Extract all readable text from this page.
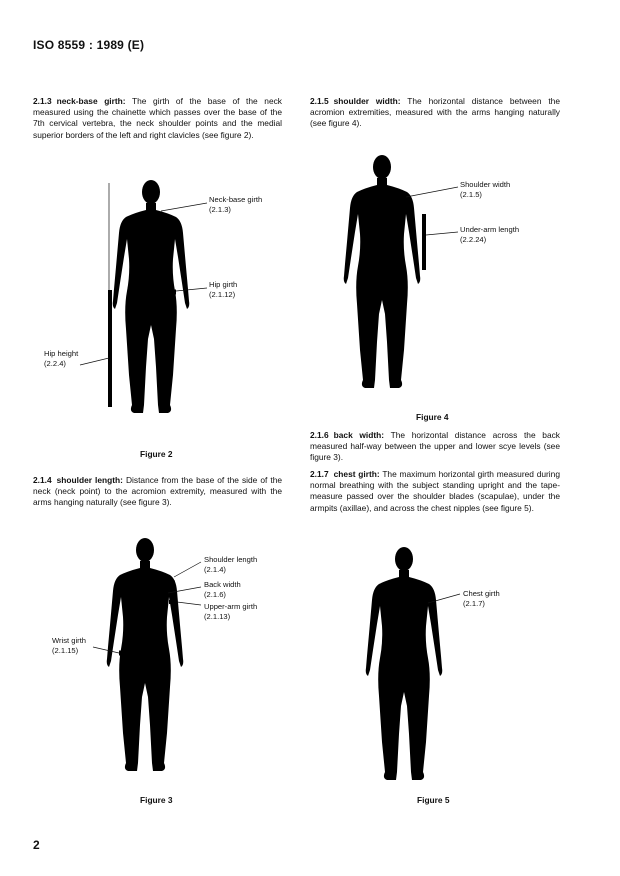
ISO 8559 : 1989 (E)
2.1.3 neck-base girth: The girth of the base of the neck measured using the chainette which passes over the base of the 7th cervical vertebra, the neck shoulder points and the medial superior borders of the left and right clavicles (see figure 2).
2.1.5 shoulder width: The horizontal distance between the acromion extremities, measured with the arms hanging naturally (see figure 4).
Neck-base girth
(2.1.3)
Hip girth
(2.1.12)
Hip height
(2.2.4)
Figure 2
Shoulder width
(2.1.5)
Under-arm length
(2.2.24)
Figure 4
2.1.6 back width: The horizontal distance across the back measured half-way between the upper and lower scye levels (see figure 3).
2.1.7 chest girth: The maximum horizontal girth measured during normal breathing with the subject standing upright and the tape-measure passed over the shoulder blades (scapulae), under the armpits (axillae), and across the chest nipples (see figure 5).
2.1.4 shoulder length: Distance from the base of the side of the neck (neck point) to the acromion extremity, measured with the arms hanging naturally (see figure 3).
Shoulder length
(2.1.4)
Back width
(2.1.6)
Upper-arm girth
(2.1.13)
Wrist girth
(2.1.15)
Figure 3
Chest girth
(2.1.7)
Figure 5
2
